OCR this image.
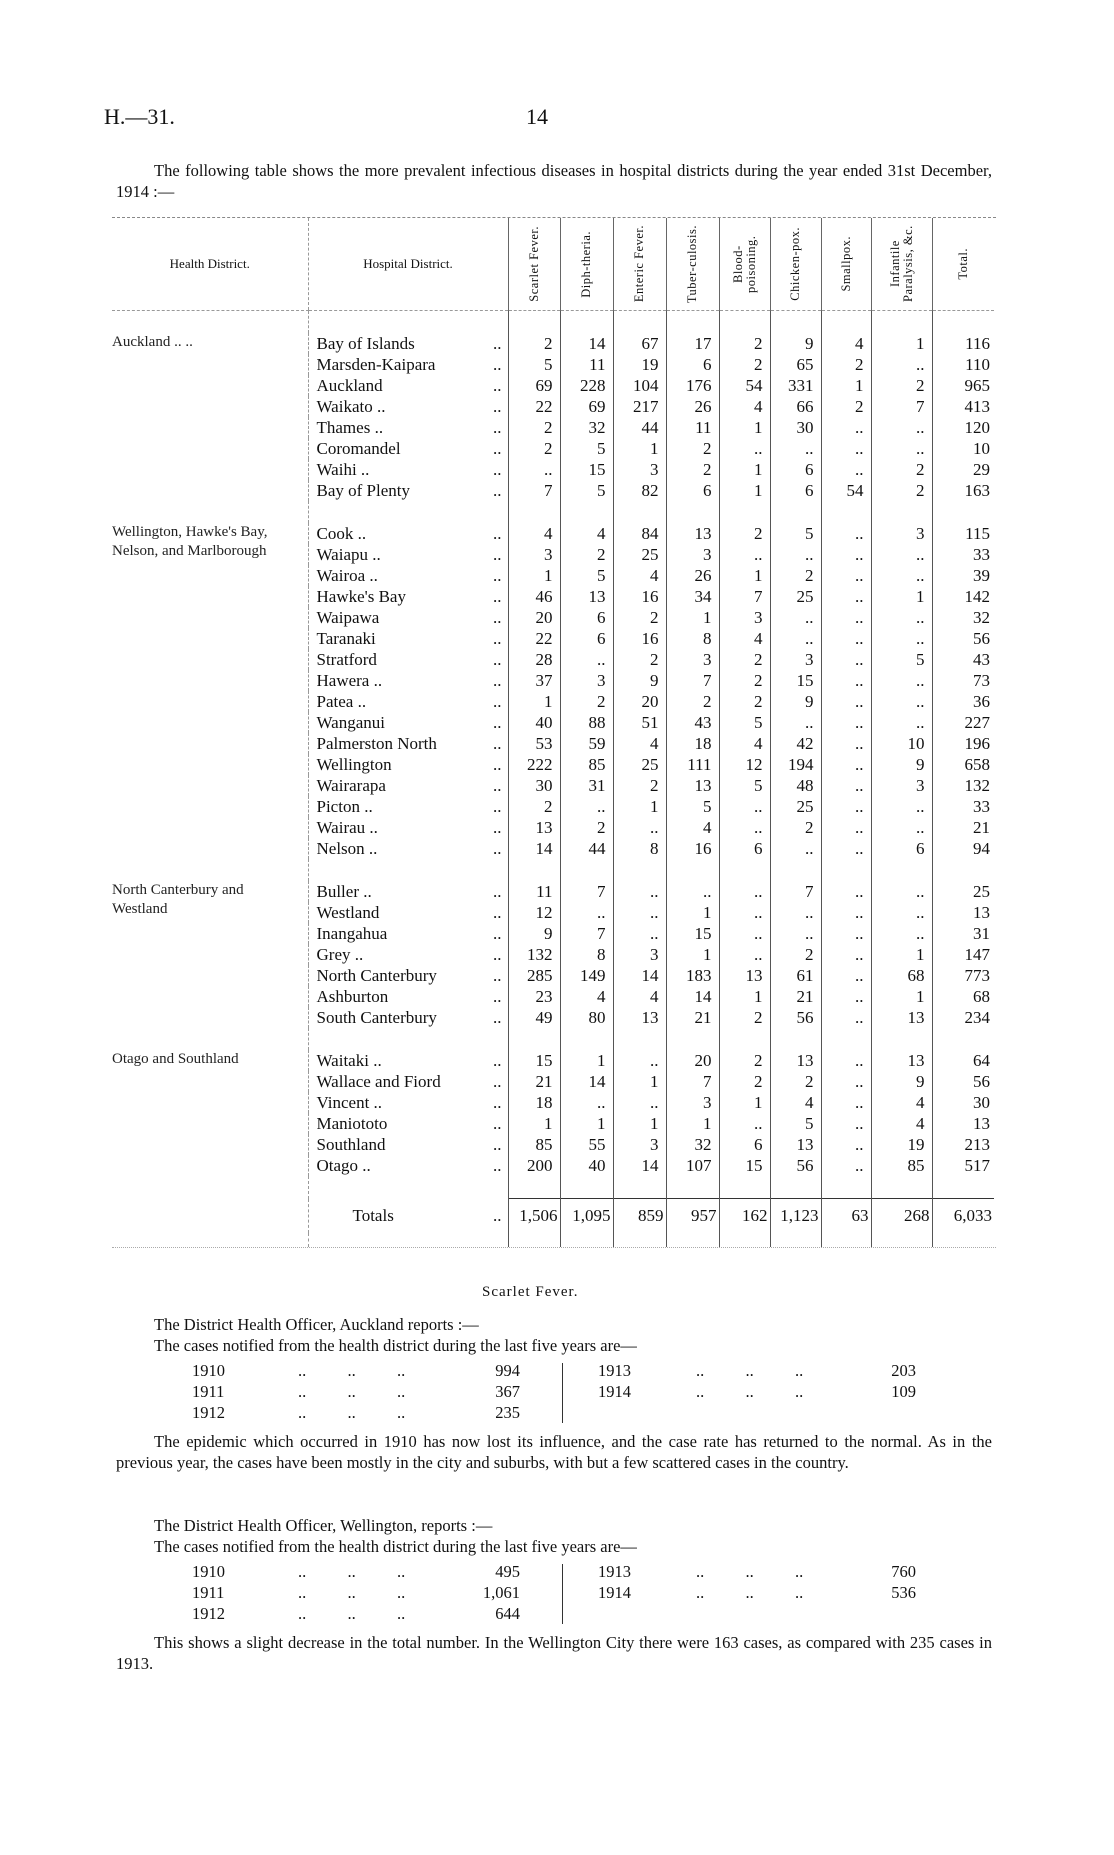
H.—31.	14
The following table shows the more prevalent infectious diseases in hospital districts during the year ended 31st December, 1914 :—
Health District.	Hospital District.	Scarlet Fever.	Diph-theria.	Enteric Fever.	Tuber-culosis.	Blood-poisoning.	Chicken-pox.	Smallpox.	Infantile Paralysis, &c.	Total.

Auckland .. ..	..
Bay of Islands	2	14	67	17	2	9	4	1	116

	..
Marsden-Kaipara	5	11	19	6	2	65	2	..	110

	..
Auckland	69	228	104	176	54	331	1	2	965

	..
Waikato ..	22	69	217	26	4	66	2	7	413

	..
Thames ..	2	32	44	11	1	30	..	..	120

	..
Coromandel	2	5	1	2	..	..	..	..	10

	..
Waihi ..	..	15	3	2	1	6	..	2	29

	..
Bay of Plenty	7	5	82	6	1	6	54	2	163

Wellington, Hawke's Bay, Nelson, and Marlborough	..
Cook ..	4	4	84	13	2	5	..	3	115

	..
Waiapu ..	3	2	25	3	..	..	..	..	33

	..
Wairoa ..	1	5	4	26	1	2	..	..	39

	..
Hawke's Bay	46	13	16	34	7	25	..	1	142

	..
Waipawa	20	6	2	1	3	..	..	..	32

	..
Taranaki	22	6	16	8	4	..	..	..	56

	..
Stratford	28	..	2	3	2	3	..	5	43

	..
Hawera ..	37	3	9	7	2	15	..	..	73

	..
Patea ..	1	2	20	2	2	9	..	..	36

	..
Wanganui	40	88	51	43	5	..	..	..	227

	..
Palmerston North	53	59	4	18	4	42	..	10	196

	..
Wellington	222	85	25	111	12	194	..	9	658

	..
Wairarapa	30	31	2	13	5	48	..	3	132

	..
Picton ..	2	..	1	5	..	25	..	..	33

	..
Wairau ..	13	2	..	4	..	2	..	..	21

	..
Nelson ..	14	44	8	16	6	..	..	6	94

North Canterbury and Westland	..
Buller ..	11	7	..	..	..	7	..	..	25

	..
Westland	12	..	..	1	..	..	..	..	13

	..
Inangahua	9	7	..	15	..	..	..	..	31

	..
Grey ..	132	8	3	1	..	2	..	1	147

	..
North Canterbury	285	149	14	183	13	61	..	68	773

	..
Ashburton	23	4	4	14	1	21	..	1	68

	..
South Canterbury	49	80	13	21	2	56	..	13	234

Otago and Southland	..
Waitaki ..	15	1	..	20	2	13	..	13	64

	..
Wallace and Fiord	21	14	1	7	2	2	..	9	56

	..
Vincent ..	18	..	..	3	1	4	..	4	30

	..
Maniototo	1	1	1	1	..	5	..	4	13

	..
Southland	85	55	3	32	6	13	..	19	213

	..
Otago ..	200	40	14	107	15	56	..	85	517

	..
Totals	1,506	1,095	859	957	162	1,123	63	268	6,033

Scarlet Fever.
The District Health Officer, Auckland reports :—
The cases notified from the health district during the last five years are—
1910	..          ..          ..	994
1911	..          ..          ..	367
1912	..          ..          ..	235
1913	..          ..          ..	203
1914	..          ..          ..	109
The epidemic which occurred in 1910 has now lost its influence, and the case rate has returned to the normal. As in the previous year, the cases have been mostly in the city and suburbs, with but a few scattered cases in the country.
The District Health Officer, Wellington, reports :—
The cases notified from the health district during the last five years are—
1910	..          ..          ..	495
1911	..          ..          ..	1,061
1912	..          ..          ..	644
1913	..          ..          ..	760
1914	..          ..          ..	536
This shows a slight decrease in the total number. In the Wellington City there were 163 cases, as compared with 235 cases in 1913.
